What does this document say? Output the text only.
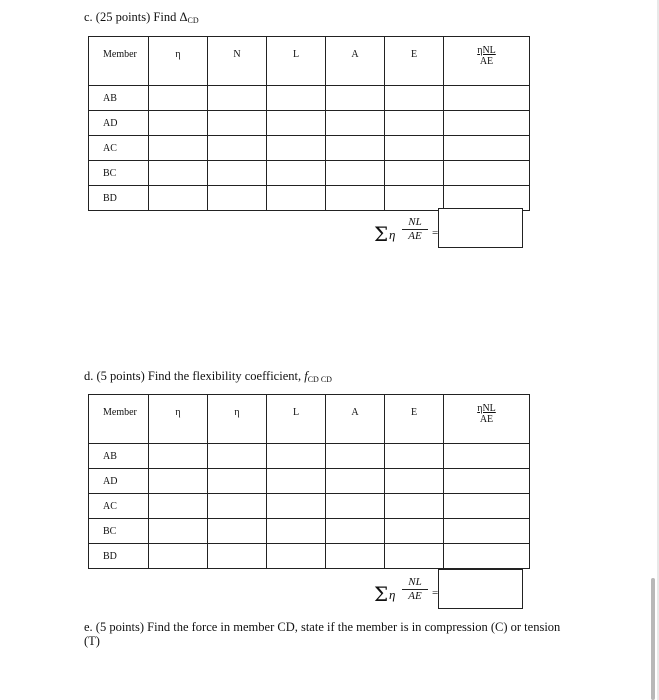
c. (25 points) Find $\Delta_{CD}$
Member	η	N	L	A	E	$\frac{\text{ηNL}}{AE}$
AB						
AD						
AC						
BC						
BD						
Σ η $\frac{NL}{AE}$ =
d. (5 points) Find the flexibility coefficient, $f_{CD CD}$
Member	η	η	L	A	E	$\frac{\text{ηNL}}{AE}$
AB						
AD						
AC						
BC						
BD						
Σ η $\frac{NL}{AE}$ =
e. (5 points) Find the force in member CD, state if the member is in compression (C) or tension
(T)
